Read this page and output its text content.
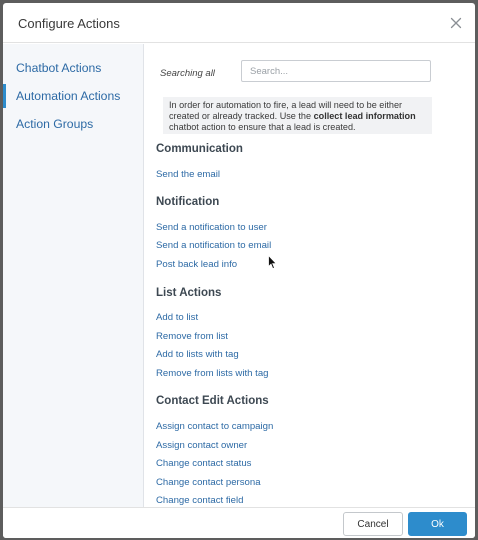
Configure Actions
Chatbot Actions
Automation Actions
Action Groups
Searching all
Search...
In order for automation to fire, a lead will need to be either created or already tracked. Use the collect lead information chatbot action to ensure that a lead is created.
Communication
Send the email
Notification
Send a notification to user
Send a notification to email
Post back lead info
List Actions
Add to list
Remove from list
Add to lists with tag
Remove from lists with tag
Contact Edit Actions
Assign contact to campaign
Assign contact owner
Change contact status
Change contact persona
Change contact field
Cancel	Ok
